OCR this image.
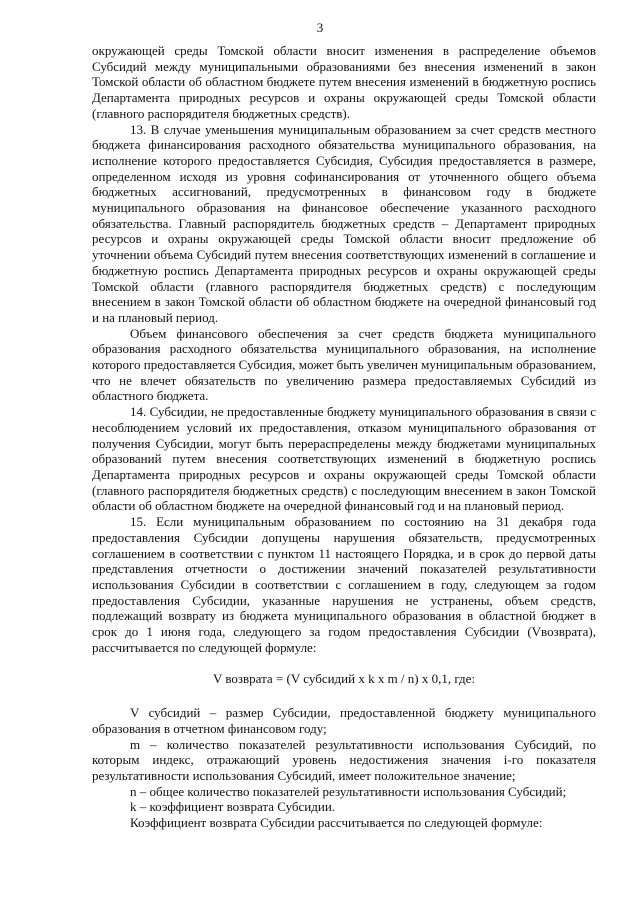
3

окружающей среды Томской области вносит изменения в распределение объемов Субсидий между муниципальными образованиями без внесения изменений в закон Томской области об областном бюджете путем внесения изменений в бюджетную роспись Департамента природных ресурсов и охраны окружающей среды Томской области (главного распорядителя бюджетных средств).

13. В случае уменьшения муниципальным образованием за счет средств местного бюджета финансирования расходного обязательства муниципального образования, на исполнение которого предоставляется Субсидия, Субсидия предоставляется в размере, определенном исходя из уровня софинансирования от уточненного общего объема бюджетных ассигнований, предусмотренных в финансовом году в бюджете муниципального образования на финансовое обеспечение указанного расходного обязательства. Главный распорядитель бюджетных средств – Департамент природных ресурсов и охраны окружающей среды Томской области вносит предложение об уточнении объема Субсидий путем внесения соответствующих изменений в соглашение и бюджетную роспись Департамента природных ресурсов и охраны окружающей среды Томской области (главного распорядителя бюджетных средств) с последующим внесением в закон Томской области об областном бюджете на очередной финансовый год и на плановый период.

Объем финансового обеспечения за счет средств бюджета муниципального образования расходного обязательства муниципального образования, на исполнение которого предоставляется Субсидия, может быть увеличен муниципальным образованием, что не влечет обязательств по увеличению размера предоставляемых Субсидий из областного бюджета.

14. Субсидии, не предоставленные бюджету муниципального образования в связи с несоблюдением условий их предоставления, отказом муниципального образования от получения Субсидии, могут быть перераспределены между бюджетами муниципальных образований путем внесения соответствующих изменений в бюджетную роспись Департамента природных ресурсов и охраны окружающей среды Томской области (главного распорядителя бюджетных средств) с последующим внесением в закон Томской области об областном бюджете на очередной финансовый год и на плановый период.

15. Если муниципальным образованием по состоянию на 31 декабря года предоставления Субсидии допущены нарушения обязательств, предусмотренных соглашением в соответствии с пунктом 11 настоящего Порядка, и в срок до первой даты представления отчетности о достижении значений показателей результативности использования Субсидии в соответствии с соглашением в году, следующем за годом предоставления Субсидии, указанные нарушения не устранены, объем средств, подлежащий возврату из бюджета муниципального образования в областной бюджет в срок до 1 июня года, следующего за годом предоставления Субсидии (Vвозврата), рассчитывается по следующей формуле:

V возврата = (V субсидий x k x m / n) x 0,1, где:

V субсидий – размер Субсидии, предоставленной бюджету муниципального образования в отчетном финансовом году;

m – количество показателей результативности использования Субсидий, по которым индекс, отражающий уровень недостижения значения i-го показателя результативности использования Субсидий, имеет положительное значение;

n – общее количество показателей результативности использования Субсидий;

k – коэффициент возврата Субсидии.

Коэффициент возврата Субсидии рассчитывается по следующей формуле:
